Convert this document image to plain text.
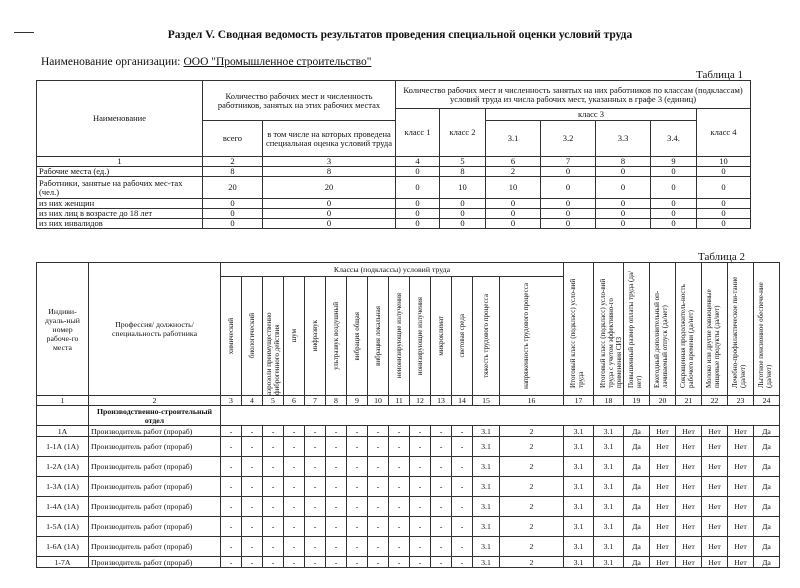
Раздел V. Сводная ведомость результатов проведения специальной оценки условий труда
Наименование организации: ООО "Промышленное строительство"
Таблица 1
Наименование	Количество рабочих мест и численность работников, занятых на этих рабочих местах		Количество рабочих мест и численность занятых на них работников по классам (подклассам) условий труда из числа рабочих мест, указанных в графе 3 (единиц)						
			класс 1	класс 2	класс 3				класс 4
	всего	в том числе на которых проведена специальная оценка условий труда			3.1	3.2	3.3	3.4.	
1	2	3	4	5	6	7	8	9	10
Рабочие места (ед.)	8	8	0	8	2	0	0	0	0
Работники, занятые на рабочих мес-тах (чел.)	20	20	0	10	10	0	0	0	0
из них женщин	0	0	0	0	0	0	0	0	0
из них лиц в возрасте до 18 лет	0	0	0	0	0	0	0	0	0
из них инвалидов	0	0	0	0	0	0	0	0	0
Таблица 2
Индиви-дуаль-ный номер рабоче-го места	Профессия/ должность/ специальность работника	Классы (подклассы) условий труда														Итоговый класс (подкласс) усло-вий труда	Итоговый класс (подкласс) усло-вий труда с учетом эффективно-го применения СИЗ	Повышенный размер оплаты труда (да/нет)	Ежегодный дополнительный оп-лачиваемый отпуск (да/нет)	Сокращенная продолжитель-ность рабочего времени (да/нет)	Молоко или другие равноценные пищевые продукты (да/нет)	Лечебно-профилактическое пи-тание (да/нет)	Льготное пенсионное обеспече-ние (да/нет)

		химический	биологический	аэрозоли преимущественно фиброгенного действия	шум	инфразвук	ультразвук воздушный	вибрация общая	вибрация локальная	неионизирующие излучения	ионизирующие излучения	микроклимат	световая среда	тяжесть трудового процесса	напряженность трудового процесса								

1	2	3	4	5	6	7	8	9	10	11	12	13	14	15	16	17	18	19	20	21	22	23	24
	Производственно-строительный отдел																						
1А	Производитель работ (прораб)	-	-	-	-	-	-	-	-	-	-	-	-	3.1	2	3.1	3.1	Да	Нет	Нет	Нет	Нет	Да
1-1А (1А)	Производитель работ (прораб)	-	-	-	-	-	-	-	-	-	-	-	-	3.1	2	3.1	3.1	Да	Нет	Нет	Нет	Нет	Да
1-2А (1А)	Производитель работ (прораб)	-	-	-	-	-	-	-	-	-	-	-	-	3.1	2	3.1	3.1	Да	Нет	Нет	Нет	Нет	Да
1-3А (1А)	Производитель работ (прораб)	-	-	-	-	-	-	-	-	-	-	-	-	3.1	2	3.1	3.1	Да	Нет	Нет	Нет	Нет	Да
1-4А (1А)	Производитель работ (прораб)	-	-	-	-	-	-	-	-	-	-	-	-	3.1	2	3.1	3.1	Да	Нет	Нет	Нет	Нет	Да
1-5А (1А)	Производитель работ (прораб)	-	-	-	-	-	-	-	-	-	-	-	-	3.1	2	3.1	3.1	Да	Нет	Нет	Нет	Нет	Да
1-6А (1А)	Производитель работ (прораб)	-	-	-	-	-	-	-	-	-	-	-	-	3.1	2	3.1	3.1	Да	Нет	Нет	Нет	Нет	Да
1-7А	Производитель работ (прораб)	-	-	-	-	-	-	-	-	-	-	-	-	3.1	2	3.1	3.1	Да	Нет	Нет	Нет	Нет	Да
